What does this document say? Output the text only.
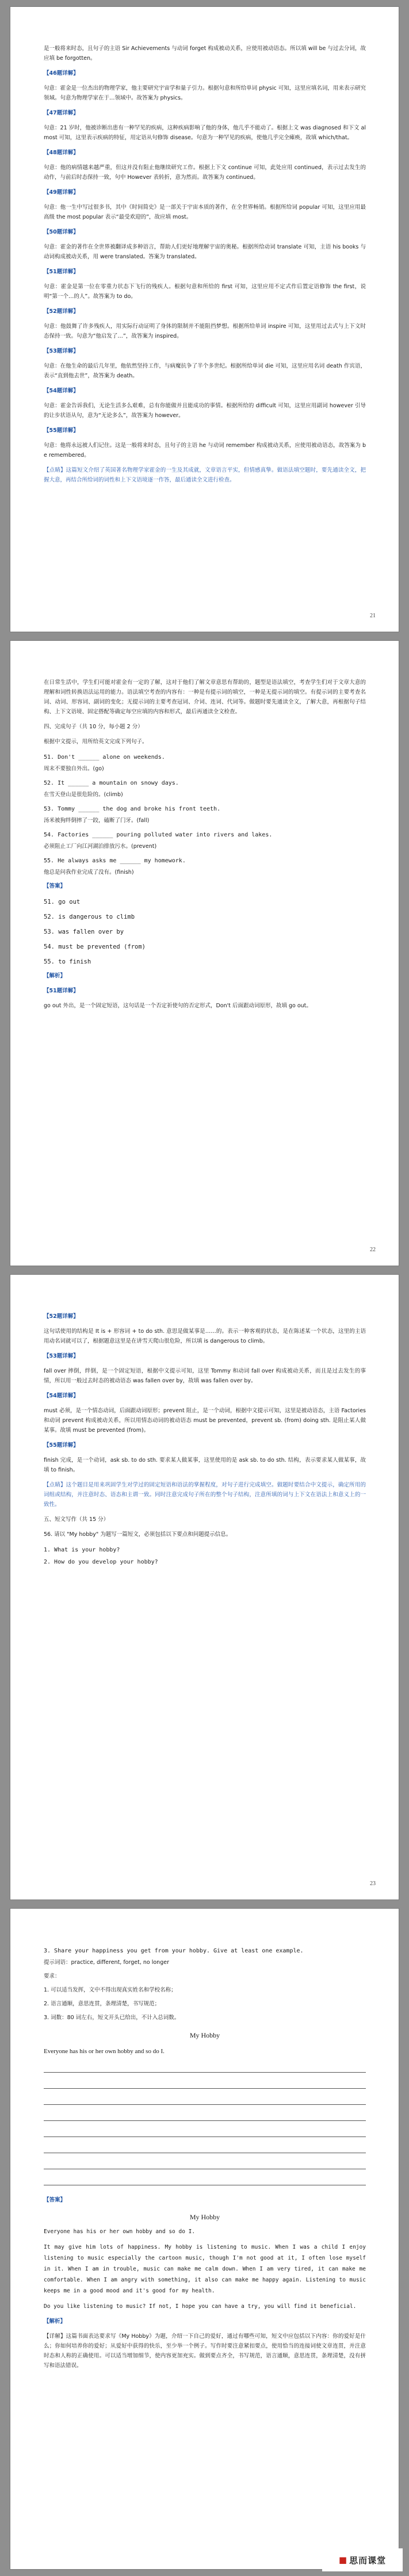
是一般将来时态，且句子的主语 Sir Achievements 与动词 forget 构成被动关系，应使用被动语态。所以填 will be 与过去分词，故应填 be forgotten。

【46题详解】

句意：霍金是一位杰出的物理学家，他主要研究宇宙学和量子引力。根据句意和所给单词 physic 可知，这里应填名词，用来表示研究领域。句意为物理学家在于…领域中。故答案为 physics。

【47题详解】

句意：21 岁时，他被诊断出患有一种罕见的疾病，这种疾病影响了他的身体，他几乎不能动了。根据上文 was diagnosed 和下文 almost 可知，这里表示疾病的特征，用定语从句修饰 disease。句意为一种罕见的疾病，使他几乎完全瘫痪，故填 which/that。

【48题详解】

句意：他的病情越来越严重，但这并没有阻止他继续研究工作。根据上下文 continue 可知，此处应用 continued，表示过去发生的动作，与前后时态保持一致，句中 However 表转折，意为然而。故答案为 continued。

【49题详解】

句意：他一生中写过很多书，其中《时间简史》是一部关于宇宙本质的著作，在全世界畅销。根据所给词 popular 可知，这里应用最高级 the most popular 表示“最受欢迎的”，故应填 most。

【50题详解】

句意：霍金的著作在全世界被翻译成多种语言，帮助人们更好地理解宇宙的奥秘。根据所给动词 translate 可知，主语 his books 与动词构成被动关系，用 were translated。答案为 translated。

【51题详解】

句意：霍金是第一位在零重力状态下飞行的残疾人。根据句意和所给的 first 可知，这里应用不定式作后置定语修饰 the first，说明“第一个…的人”。故答案为 to do。

【52题详解】

句意：他鼓舞了许多残疾人，用实际行动证明了身体的限制并不能阻挡梦想。根据所给单词 inspire 可知，这里用过去式与上下文时态保持一致。句意为“他启发了…”，故答案为 inspired。

【53题详解】

句意：在他生命的最后几年里，他依然坚持工作，与病魔抗争了半个多世纪。根据所给单词 die 可知，这里应用名词 death 作宾语，表示“直到他去世”，故答案为 death。

【54题详解】

句意：霍金告诉我们，无论生活多么艰难，总有你能做并且能成功的事情。根据所给的 difficult 可知，这里应用副词 however 引导的让步状语从句，意为“无论多么”，故答案为 however。

【55题详解】

句意：他将永远被人们记住。这是一般将来时态，且句子的主语 he 与动词 remember 构成被动关系，应使用被动语态，故答案为 be remembered。

【点睛】这篇短文介绍了英国著名物理学家霍金的一生及其成就，文章语言平实，但情感真挚。做语法填空题时，要先通读全文，把握大意，再结合所给词的词性和上下文语境逐一作答，最后通读全文进行检查。

21

在日常生活中，学生们可能对霍金有一定的了解，这对于他们了解文章意思有帮助的，题型是语法填空，考查学生们对于文章大意的理解和词性转换语法运用的能力。语法填空考查的内容有：一种是有提示词的填空，一种是无提示词的填空。有提示词的主要考查名词、动词、形容词、副词的变化；无提示词的主要考查冠词、介词、连词、代词等。做题时要先通读全文，了解大意，再根据句子结构、上下文语境、固定搭配等确定每空应填的内容和形式，最后再通读全文检查。

四、完成句子（共 10 分，每小题 2 分）

根据中文提示，用所给英文完成下列句子。

51. Don't ______ alone on weekends.
周末不要独自外出。(go)
52. It ______ a mountain on snowy days.
在雪天登山是很危险的。(climb)
53. Tommy ______ the dog and broke his front teeth.
汤米被狗绊倒摔了一跤，磕断了门牙。(fall)
54. Factories ______ pouring polluted water into rivers and lakes.
必须阻止工厂向江河湖泊排放污水。(prevent)
55. He always asks me ______ my homework.
他总是问我作业完成了没有。(finish)

【答案】

51. go out
52. is dangerous to climb
53. was fallen over by
54. must be prevented (from)
55. to finish

【解析】

【51题详解】

go out 外出，是一个固定短语，这句话是一个否定祈使句的否定形式，Don't 后面跟动词原形，故填 go out。

22

【52题详解】

这句话使用的结构是 It is + 形容词 + to do sth. 意思是做某事是……的。表示一种客观的状态，是在陈述某一个状态，这里的主语用动名词就可以了，根据题意这里是在讲雪天爬山很危险，所以填 is dangerous to climb。

【53题详解】

fall over 摔倒，绊倒，是一个固定短语，根据中文提示可知，这里 Tommy 和动词 fall over 构成被动关系，而且是过去发生的事情，所以用一般过去时态的被动语态 was fallen over by，故填 was fallen over by。

【54题详解】

must 必须，是一个情态动词，后面跟动词原形；prevent 阻止，是一个动词，根据中文提示可知，这里是被动语态，主语 Factories 和动词 prevent 构成被动关系，所以用情态动词的被动语态 must be prevented，prevent sb. (from) doing sth. 是阻止某人做某事。故填 must be prevented (from)。

【55题详解】

finish 完成，是一个动词，ask sb. to do sth. 要求某人做某事，这里使用的是 ask sb. to do sth. 结构，表示要求某人做某事，故填 to finish。

【点睛】这个题目是用来巩固学生对学过的固定短语和语法的掌握程度，对句子进行完成填空。做题时要结合中文提示，确定所用的词组或结构，并注意时态、语态和主谓一致。同时注意完成句子所在的整个句子结构，注意所填的词与上下文在语法上和意义上的一致性。

五、短文写作（共 15 分）

56. 请以 "My hobby" 为题写一篇短文，必须包括以下要点和问题提示信息。

1. What is your hobby?
2. How do you develop your hobby?
23
3. Share your happiness you get from your hobby. Give at least one example.
提示词语：practice, different, forget, no longer
要求：
1. 可以适当发挥，文中不得出现真实姓名和学校名称；
2. 语言通顺，意思连贯，条理清楚，书写规范；
3. 词数：80 词左右，短文开头已给出，不计入总词数。
My Hobby
Everyone has his or her own hobby and so do I.

【答案】

My Hobby

Everyone has his or her own hobby and so do I.

It may give him lots of happiness. My hobby is listening to music. When I was a child I enjoy listening to music especially the cartoon music, though I'm not good at it, I often lose myself in it. When I am in trouble, music can make me calm down. When I am very tired, it can make me comfortable. When I am angry with something, it also can make me happy again. Listening to music keeps me in a good mood and it's good for my health.

Do you like listening to music? If not, I hope you can have a try, you will find it beneficial.

【解析】

【详解】这篇书面表达要求写《My Hobby》为题，介绍一下自己的爱好，通过有哪些可知，短文中应包括以下内容：你的爱好是什么；你如何培养你的爱好；从爱好中获得的快乐，至少举一个例子。写作时要注意紧扣要点，使用恰当的连接词使文章连贯，并注意时态和人称的正确使用。可以适当增加细节，使内容更加充实。做到要点齐全，书写规范，语言通顺，意思连贯，条理清楚，没有拼写和语法错误。

■ 思而课堂
